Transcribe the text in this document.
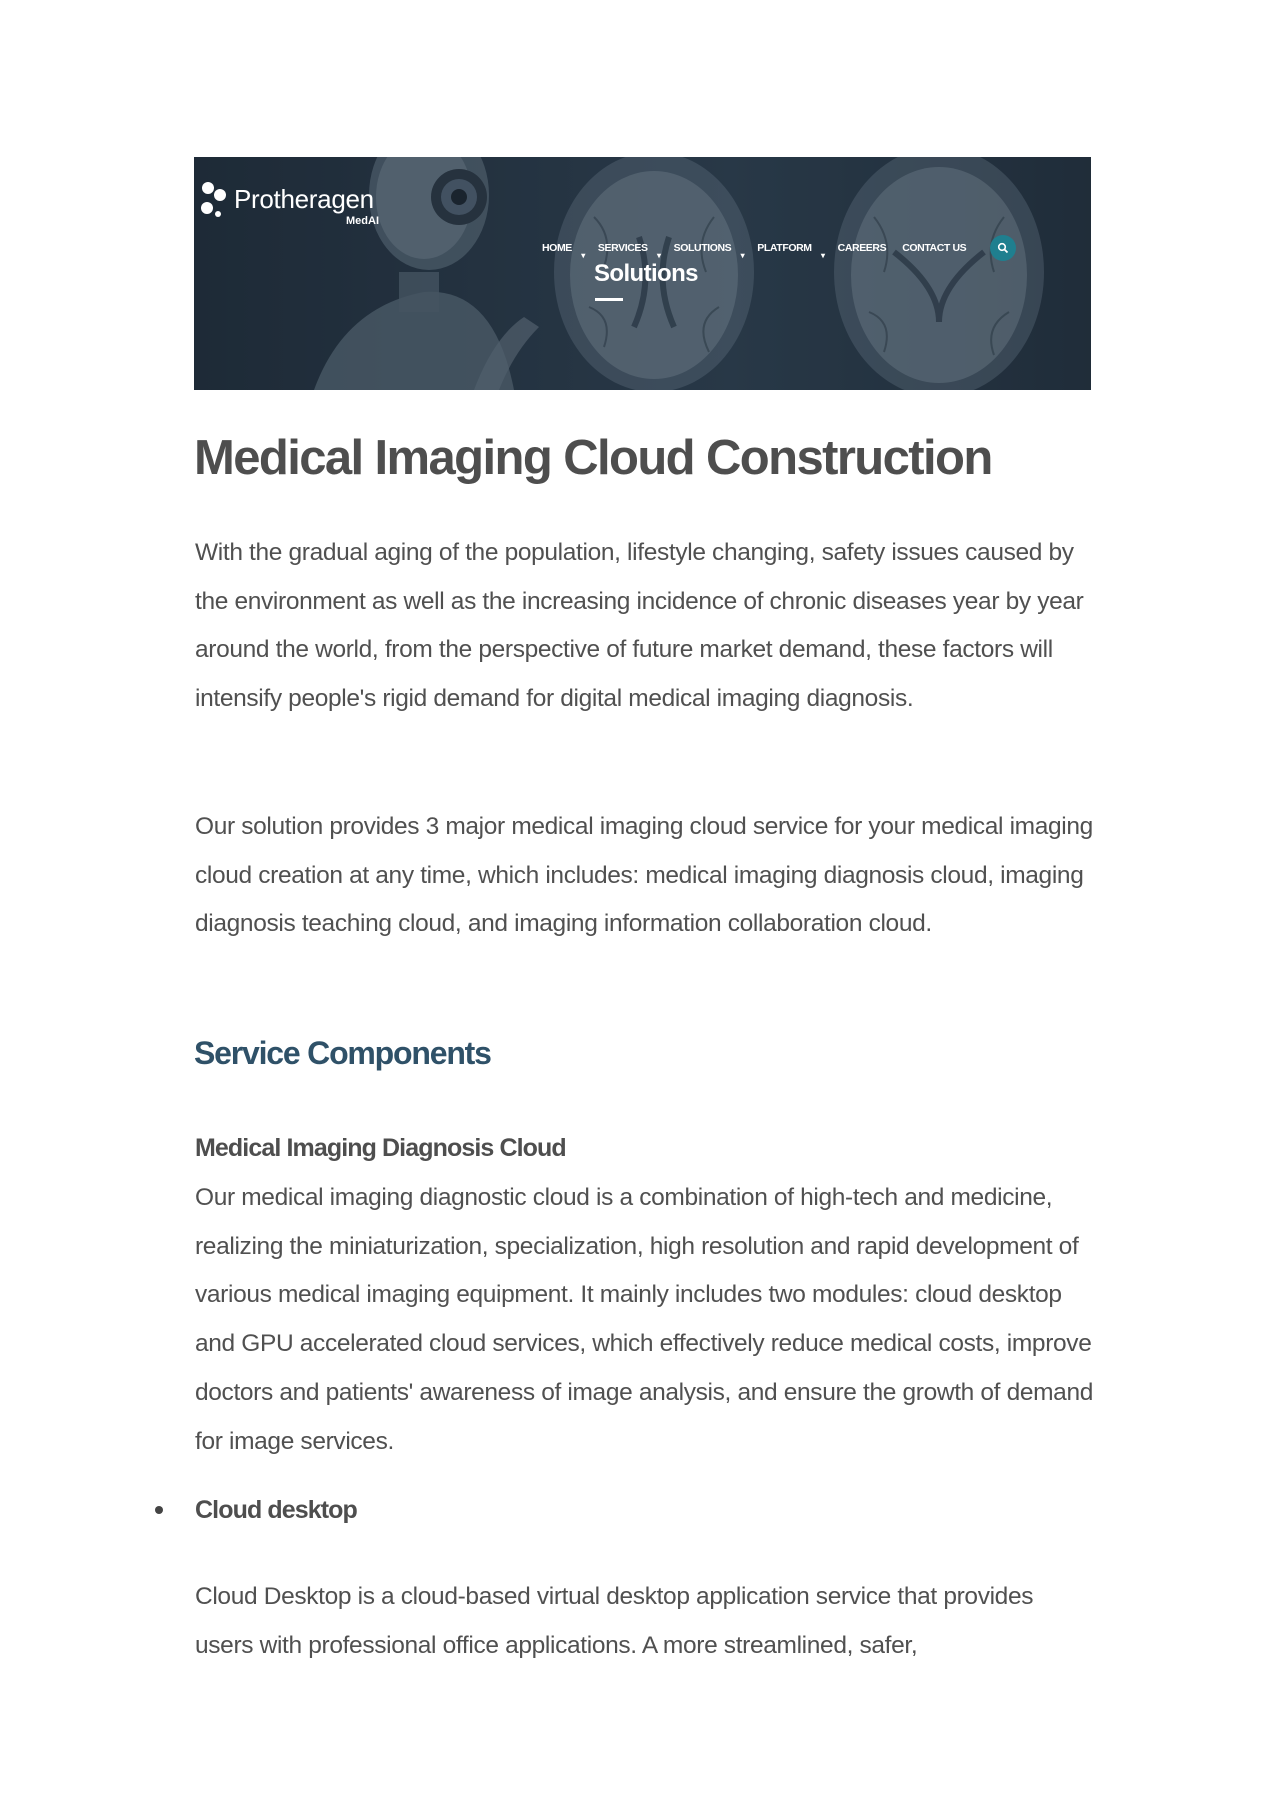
Protheragen
MedAI
HOME
▾
SERVICES
▾
SOLUTIONS
▾
PLATFORM
▾
CAREERS CONTACT US
Solutions
Medical Imaging Cloud Construction

With the gradual aging of the population, lifestyle changing, safety issues caused by the environment as well as the increasing incidence of chronic diseases year by year around the world, from the perspective of future market demand, these factors will intensify people's rigid demand for digital medical imaging diagnosis.

Our solution provides 3 major medical imaging cloud service for your medical imaging cloud creation at any time, which includes: medical imaging diagnosis cloud, imaging diagnosis teaching cloud, and imaging information collaboration cloud.

Service Components
Medical Imaging Diagnosis Cloud

Our medical imaging diagnostic cloud is a combination of high-tech and medicine, realizing the miniaturization, specialization, high resolution and rapid development of various medical imaging equipment. It mainly includes two modules: cloud desktop and GPU accelerated cloud services, which effectively reduce medical costs, improve doctors and patients' awareness of image analysis, and ensure the growth of demand for image services.

Cloud desktop

Cloud Desktop is a cloud-based virtual desktop application service that provides users with professional office applications. A more streamlined, safer,
